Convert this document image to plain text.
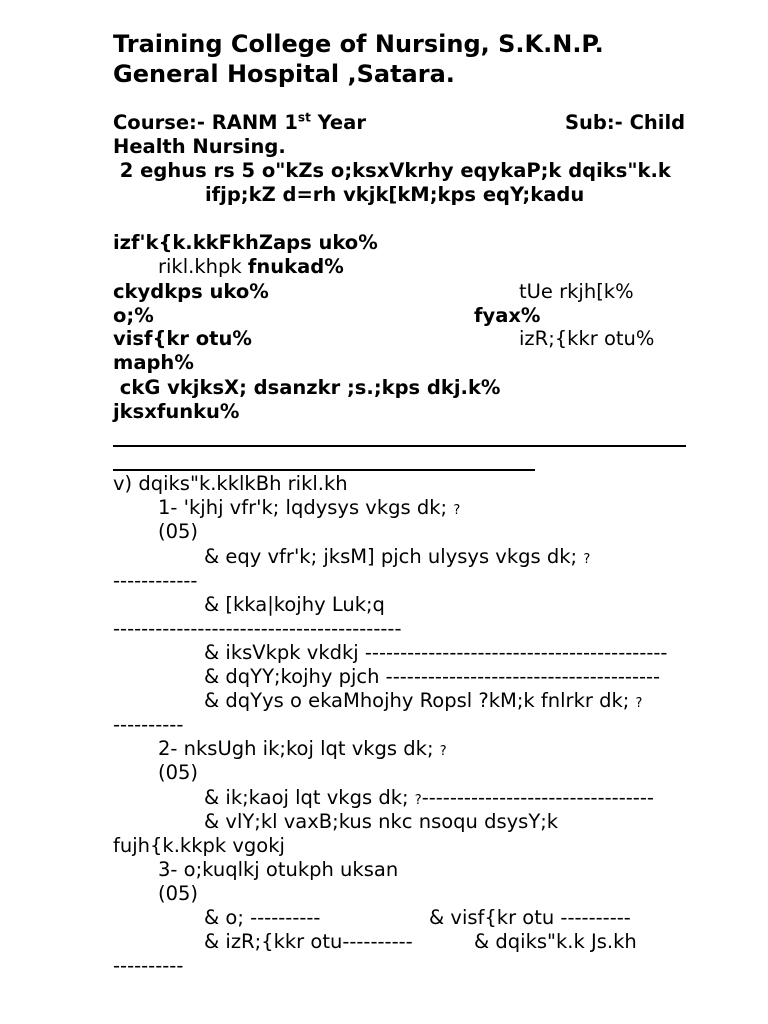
Training College of Nursing, S.K.N.P.
General Hospital ,Satara.
Course:- RANM 1st Year	Sub:- Child
Health Nursing.
2 eghus rs 5 o"kZs o;ksxVkrhy eqykaP;k dqiks"k.k
ifjp;kZ d=rh vkjk[kM;kps eqY;kadu
izf'k{k.kkFkhZaps uko%
rikl.khpk fnukad%
ckydkps uko%	tUe rkjh[k%
o;%	fyax%
visf{kr otu%	izR;{kkr otu%
maph%
ckG vkjksX; dsanzkr ;s.;kps dkj.k%
jksxfunku%
v) dqiks"k.kklkBh rikl.kh
1- 'kjhj vfr'k; lqdysys vkgs dk; ?
(05)
& eqy vfr'k; jksM] pjch ulysys vkgs dk; ?
------------
& [kka|kojhy Luk;q
-----------------------------------------
& iksVkpk vkdkj -------------------------------------------
& dqYY;kojhy pjch ---------------------------------------
& dqYys o ekaMhojhy Ropsl ?kM;k fnlrkr dk; ?
----------
2- nksUgh ik;koj lqt vkgs dk; ?
(05)
& ik;kaoj lqt vkgs dk; ?---------------------------------
& vlY;kl vaxB;kus nkc nsoqu dsysY;k
fujh{k.kkpk vgokj
3- o;kuqlkj otukph uksan
(05)
& o; ----------	& visf{kr otu ----------
& izR;{kkr otu----------	& dqiks"k.k Js.kh
----------
